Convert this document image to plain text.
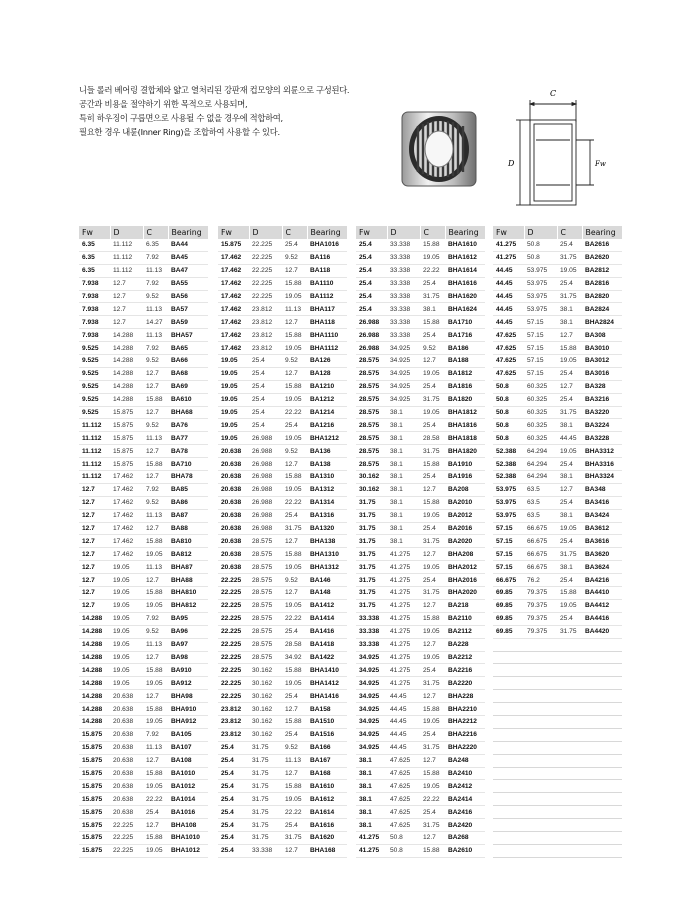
니들 롤러 베어링 결합체와 얇고 열처리된 강판재 컵모양의 외륜으로 구성된다.
공간과 비용을 절약하기 위한 목적으로 사용되며,
특히 하우징이 구릅면으로 사용될 수 없을 경우에 적합하여,
필요한 경우 내륜(Inner Ring)을 조합하여 사용할 수 있다.
C
D	Fw
Fw	D	C	Bearing
6.35	11.112	6.35	BA44
6.35	11.112	7.92	BA45
6.35	11.112	11.13	BA47
7.938	12.7	7.92	BA55
7.938	12.7	9.52	BA56
7.938	12.7	11.13	BA57
7.938	12.7	14.27	BA59
7.938	14.288	11.13	BHA57
9.525	14.288	7.92	BA65
9.525	14.288	9.52	BA66
9.525	14.288	12.7	BA68
9.525	14.288	12.7	BA69
9.525	14.288	15.88	BA610
9.525	15.875	12.7	BHA68
11.112	15.875	9.52	BA76
11.112	15.875	11.13	BA77
11.112	15.875	12.7	BA78
11.112	15.875	15.88	BA710
11.112	17.462	12.7	BHA78
12.7	17.462	7.92	BA85
12.7	17.462	9.52	BA86
12.7	17.462	11.13	BA87
12.7	17.462	12.7	BA88
12.7	17.462	15.88	BA810
12.7	17.462	19.05	BA812
12.7	19.05	11.13	BHA87
12.7	19.05	12.7	BHA88
12.7	19.05	15.88	BHA810
12.7	19.05	19.05	BHA812
14.288	19.05	7.92	BA95
14.288	19.05	9.52	BA96
14.288	19.05	11.13	BA97
14.288	19.05	12.7	BA98
14.288	19.05	15.88	BA910
14.288	19.05	19.05	BA912
14.288	20.638	12.7	BHA98
14.288	20.638	15.88	BHA910
14.288	20.638	19.05	BHA912
15.875	20.638	7.92	BA105
15.875	20.638	11.13	BA107
15.875	20.638	12.7	BA108
15.875	20.638	15.88	BA1010
15.875	20.638	19.05	BA1012
15.875	20.638	22.22	BA1014
15.875	20.638	25.4	BA1016
15.875	22.225	12.7	BHA108
15.875	22.225	15.88	BHA1010
15.875	22.225	19.05	BHA1012
Fw	D	C	Bearing
15.875	22.225	25.4	BHA1016
17.462	22.225	9.52	BA116
17.462	22.225	12.7	BA118
17.462	22.225	15.88	BA1110
17.462	22.225	19.05	BA1112
17.462	23.812	11.13	BHA117
17.462	23.812	12.7	BHA118
17.462	23.812	15.88	BHA1110
17.462	23.812	19.05	BHA1112
19.05	25.4	9.52	BA126
19.05	25.4	12.7	BA128
19.05	25.4	15.88	BA1210
19.05	25.4	19.05	BA1212
19.05	25.4	22.22	BA1214
19.05	25.4	25.4	BA1216
19.05	26.988	19.05	BHA1212
20.638	26.988	9.52	BA136
20.638	26.988	12.7	BA138
20.638	26.988	15.88	BA1310
20.638	26.988	19.05	BA1312
20.638	26.988	22.22	BA1314
20.638	26.988	25.4	BA1316
20.638	26.988	31.75	BA1320
20.638	28.575	12.7	BHA138
20.638	28.575	15.88	BHA1310
20.638	28.575	19.05	BHA1312
22.225	28.575	9.52	BA146
22.225	28.575	12.7	BA148
22.225	28.575	19.05	BA1412
22.225	28.575	22.22	BA1414
22.225	28.575	25.4	BA1416
22.225	28.575	28.58	BA1418
22.225	28.575	34.92	BA1422
22.225	30.162	15.88	BHA1410
22.225	30.162	19.05	BHA1412
22.225	30.162	25.4	BHA1416
23.812	30.162	12.7	BA158
23.812	30.162	15.88	BA1510
23.812	30.162	25.4	BA1516
25.4	31.75	9.52	BA166
25.4	31.75	11.13	BA167
25.4	31.75	12.7	BA168
25.4	31.75	15.88	BA1610
25.4	31.75	19.05	BA1612
25.4	31.75	22.22	BA1614
25.4	31.75	25.4	BA1616
25.4	31.75	31.75	BA1620
25.4	33.338	12.7	BHA168
Fw	D	C	Bearing
25.4	33.338	15.88	BHA1610
25.4	33.338	19.05	BHA1612
25.4	33.338	22.22	BHA1614
25.4	33.338	25.4	BHA1616
25.4	33.338	31.75	BHA1620
25.4	33.338	38.1	BHA1624
26.988	33.338	15.88	BA1710
26.988	33.338	25.4	BA1716
26.988	34.925	9.52	BA186
28.575	34.925	12.7	BA188
28.575	34.925	19.05	BA1812
28.575	34.925	25.4	BA1816
28.575	34.925	31.75	BA1820
28.575	38.1	19.05	BHA1812
28.575	38.1	25.4	BHA1816
28.575	38.1	28.58	BHA1818
28.575	38.1	31.75	BHA1820
28.575	38.1	15.88	BA1910
30.162	38.1	25.4	BA1916
30.162	38.1	12.7	BA208
31.75	38.1	15.88	BA2010
31.75	38.1	19.05	BA2012
31.75	38.1	25.4	BA2016
31.75	38.1	31.75	BA2020
31.75	41.275	12.7	BHA208
31.75	41.275	19.05	BHA2012
31.75	41.275	25.4	BHA2016
31.75	41.275	31.75	BHA2020
31.75	41.275	12.7	BA218
33.338	41.275	15.88	BA2110
33.338	41.275	19.05	BA2112
33.338	41.275	12.7	BA228
34.925	41.275	19.05	BA2212
34.925	41.275	25.4	BA2216
34.925	41.275	31.75	BA2220
34.925	44.45	12.7	BHA228
34.925	44.45	15.88	BHA2210
34.925	44.45	19.05	BHA2212
34.925	44.45	25.4	BHA2216
34.925	44.45	31.75	BHA2220
38.1	47.625	12.7	BA248
38.1	47.625	15.88	BA2410
38.1	47.625	19.05	BA2412
38.1	47.625	22.22	BA2414
38.1	47.625	25.4	BA2416
38.1	47.625	31.75	BA2420
41.275	50.8	12.7	BA268
41.275	50.8	15.88	BA2610
Fw	D	C	Bearing
41.275	50.8	25.4	BA2616
41.275	50.8	31.75	BA2620
44.45	53.975	19.05	BA2812
44.45	53.975	25.4	BA2816
44.45	53.975	31.75	BA2820
44.45	53.975	38.1	BA2824
44.45	57.15	38.1	BHA2824
47.625	57.15	12.7	BA308
47.625	57.15	15.88	BA3010
47.625	57.15	19.05	BA3012
47.625	57.15	25.4	BA3016
50.8	60.325	12.7	BA328
50.8	60.325	25.4	BA3216
50.8	60.325	31.75	BA3220
50.8	60.325	38.1	BA3224
50.8	60.325	44.45	BA3228
52.388	64.294	19.05	BHA3312
52.388	64.294	25.4	BHA3316
52.388	64.294	38.1	BHA3324
53.975	63.5	12.7	BA348
53.975	63.5	25.4	BA3416
53.975	63.5	38.1	BA3424
57.15	66.675	19.05	BA3612
57.15	66.675	25.4	BA3616
57.15	66.675	31.75	BA3620
57.15	66.675	38.1	BA3624
66.675	76.2	25.4	BA4216
69.85	79.375	15.88	BA4410
69.85	79.375	19.05	BA4412
69.85	79.375	25.4	BA4416
69.85	79.375	31.75	BA4420
